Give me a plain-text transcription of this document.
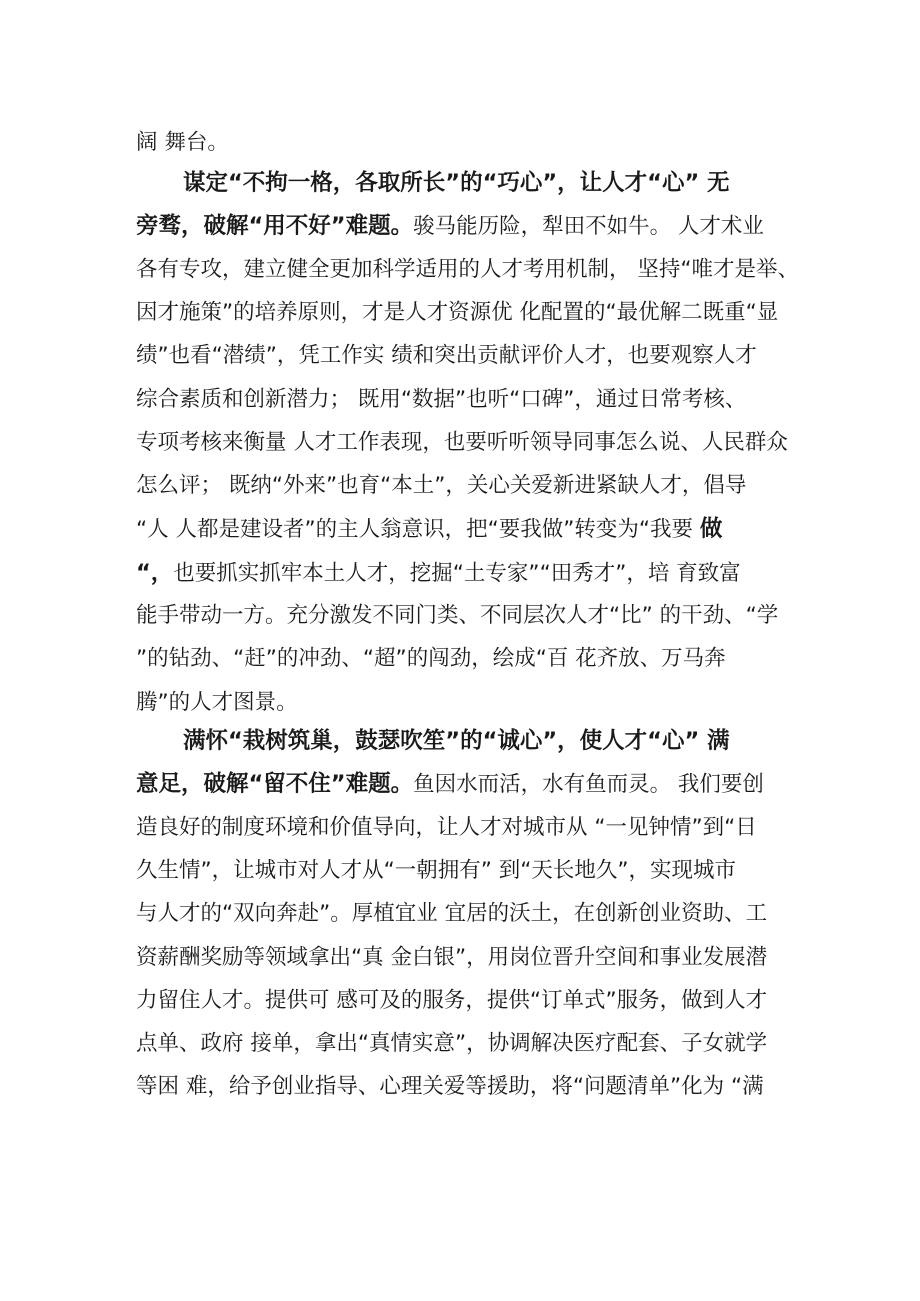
阔 舞台。
谋定“不拘一格，各取所长”的“巧心”，让人才“心” 无
旁骛，破解“用不好”难题。骏马能历险，犁田不如牛。 人才术业
各有专攻，建立健全更加科学适用的人才考用机制， 坚持“唯才是举、
因才施策”的培养原则，才是人才资源优 化配置的“最优解二既重“显
绩”也看“潜绩”，凭工作实 绩和突出贡献评价人才，也要观察人才
综合素质和创新潜力； 既用“数据”也听“口碑”，通过日常考核、
专项考核来衡量 人才工作表现，也要听听领导同事怎么说、人民群众
怎么评； 既纳“外来”也育“本土”，关心关爱新进紧缺人才，倡导
“人 人都是建设者”的主人翁意识，把“要我做”转变为“我要 做
“，也要抓实抓牢本土人才，挖掘“土专家”“田秀才”，培 育致富
能手带动一方。充分激发不同门类、不同层次人才“比” 的干劲、“学
”的钻劲、“赶”的冲劲、“超”的闯劲，绘成“百 花齐放、万马奔
腾”的人才图景。
满怀“栽树筑巢，鼓瑟吹笙”的“诚心”，使人才“心” 满
意足，破解“留不住”难题。鱼因水而活，水有鱼而灵。 我们要创
造良好的制度环境和价值导向，让人才对城市从 “一见钟情”到“日
久生情”，让城市对人才从“一朝拥有” 到“天长地久”，实现城市
与人才的“双向奔赴”。厚植宜业 宜居的沃土，在创新创业资助、工
资薪酬奖励等领域拿出“真 金白银”，用岗位晋升空间和事业发展潜
力留住人才。提供可 感可及的服务，提供“订单式”服务，做到人才
点单、政府 接单，拿出“真情实意”，协调解决医疗配套、子女就学
等困 难，给予创业指导、心理关爱等援助，将“问题清单”化为 “满
